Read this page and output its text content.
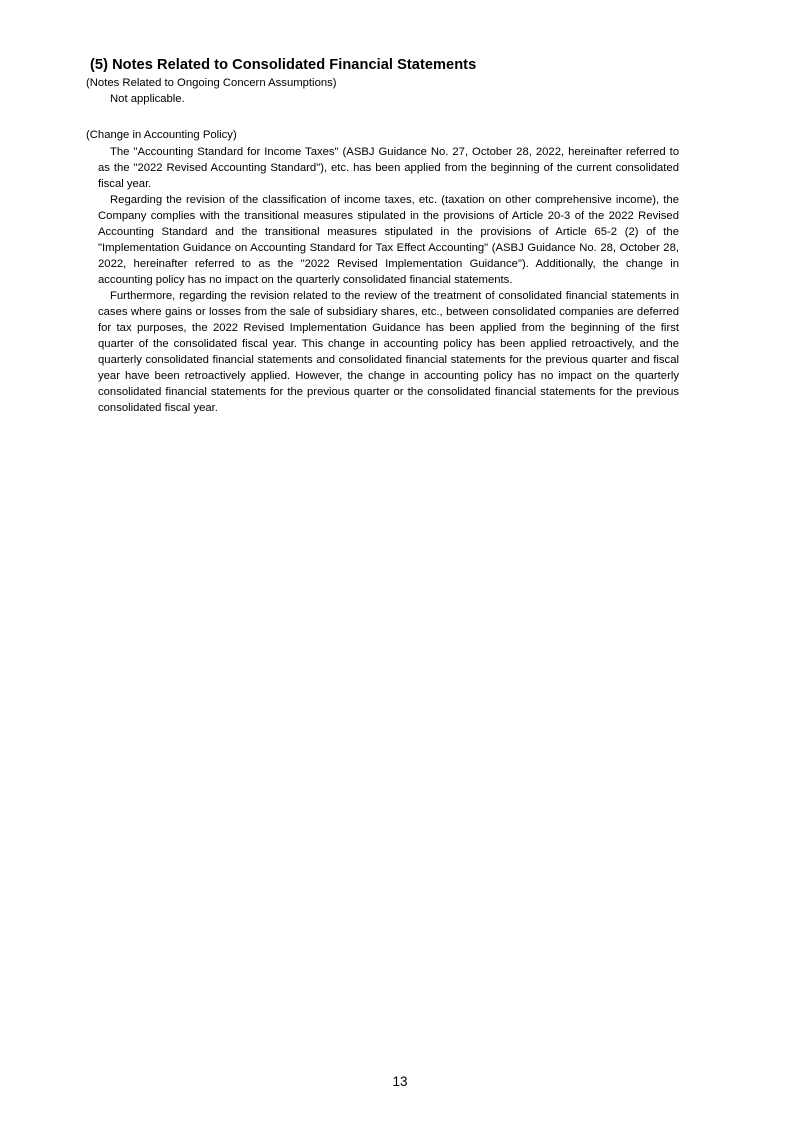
(5) Notes Related to Consolidated Financial Statements
(Notes Related to Ongoing Concern Assumptions)
Not applicable.
(Change in Accounting Policy)

The "Accounting Standard for Income Taxes" (ASBJ Guidance No. 27, October 28, 2022, hereinafter referred to as the "2022 Revised Accounting Standard"), etc. has been applied from the beginning of the current consolidated fiscal year.

Regarding the revision of the classification of income taxes, etc. (taxation on other comprehensive income), the Company complies with the transitional measures stipulated in the provisions of Article 20-3 of the 2022 Revised Accounting Standard and the transitional measures stipulated in the provisions of Article 65-2 (2) of the "Implementation Guidance on Accounting Standard for Tax Effect Accounting" (ASBJ Guidance No. 28, October 28, 2022, hereinafter referred to as the "2022 Revised Implementation Guidance"). Additionally, the change in accounting policy has no impact on the quarterly consolidated financial statements.

Furthermore, regarding the revision related to the review of the treatment of consolidated financial statements in cases where gains or losses from the sale of subsidiary shares, etc., between consolidated companies are deferred for tax purposes, the 2022 Revised Implementation Guidance has been applied from the beginning of the first quarter of the consolidated fiscal year. This change in accounting policy has been applied retroactively, and the quarterly consolidated financial statements and consolidated financial statements for the previous quarter and fiscal year have been retroactively applied. However, the change in accounting policy has no impact on the quarterly consolidated financial statements for the previous quarter or the consolidated financial statements for the previous consolidated fiscal year.

13
